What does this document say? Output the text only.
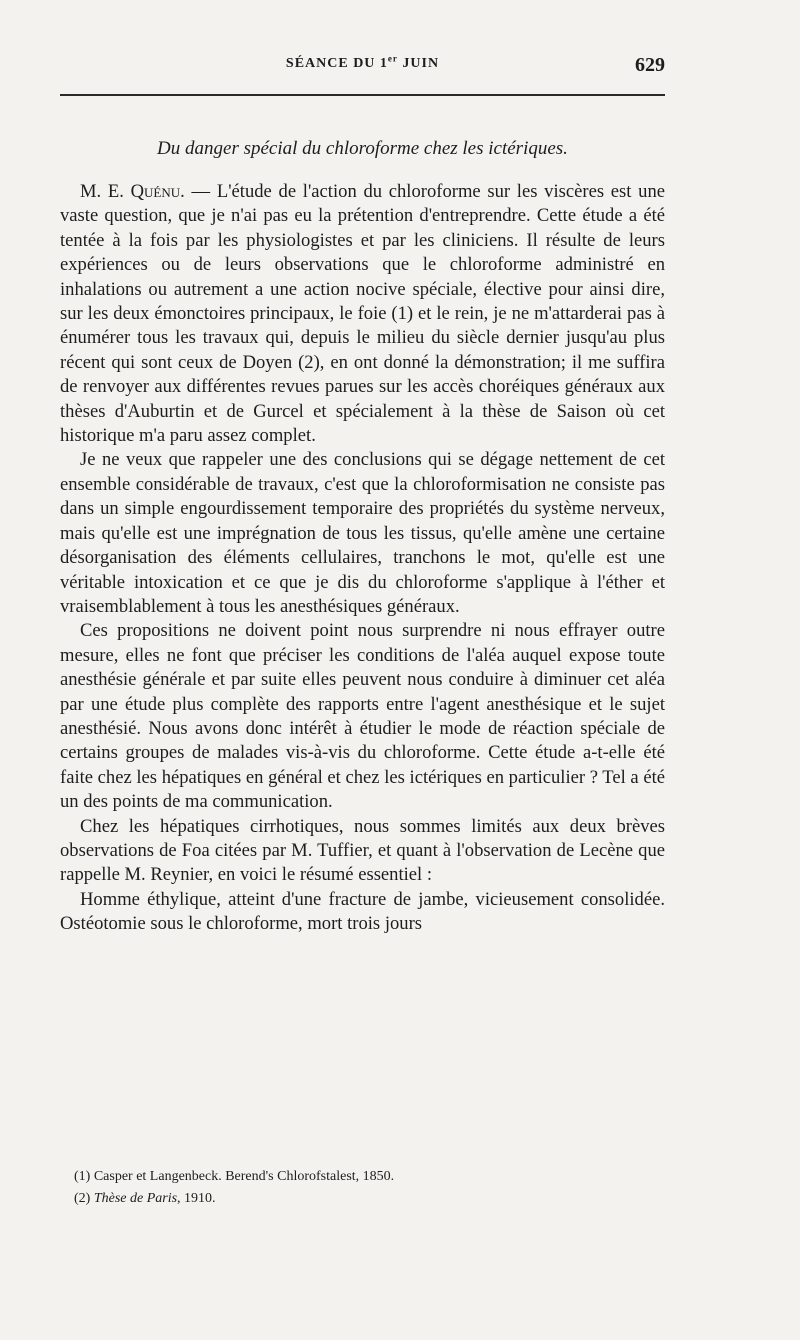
SÉANCE DU 1er JUIN	629
Du danger spécial du chloroforme chez les ictériques.

M. E. Quénu. — L'étude de l'action du chloroforme sur les viscères est une vaste question, que je n'ai pas eu la prétention d'entreprendre. Cette étude a été tentée à la fois par les physiologistes et par les cliniciens. Il résulte de leurs expériences ou de leurs observations que le chloroforme administré en inhalations ou autrement a une action nocive spéciale, élective pour ainsi dire, sur les deux émonctoires principaux, le foie (1) et le rein, je ne m'attarderai pas à énumérer tous les travaux qui, depuis le milieu du siècle dernier jusqu'au plus récent qui sont ceux de Doyen (2), en ont donné la démonstration; il me suffira de renvoyer aux différentes revues parues sur les accès choréiques généraux aux thèses d'Auburtin et de Gurcel et spécialement à la thèse de Saison où cet historique m'a paru assez complet.

Je ne veux que rappeler une des conclusions qui se dégage nettement de cet ensemble considérable de travaux, c'est que la chloroformisation ne consiste pas dans un simple engourdissement temporaire des propriétés du système nerveux, mais qu'elle est une imprégnation de tous les tissus, qu'elle amène une certaine désorganisation des éléments cellulaires, tranchons le mot, qu'elle est une véritable intoxication et ce que je dis du chloroforme s'applique à l'éther et vraisemblablement à tous les anesthésiques généraux.

Ces propositions ne doivent point nous surprendre ni nous effrayer outre mesure, elles ne font que préciser les conditions de l'aléa auquel expose toute anesthésie générale et par suite elles peuvent nous conduire à diminuer cet aléa par une étude plus complète des rapports entre l'agent anesthésique et le sujet anesthésié. Nous avons donc intérêt à étudier le mode de réaction spéciale de certains groupes de malades vis-à-vis du chloroforme. Cette étude a-t-elle été faite chez les hépatiques en général et chez les ictériques en particulier ? Tel a été un des points de ma communication.

Chez les hépatiques cirrhotiques, nous sommes limités aux deux brèves observations de Foa citées par M. Tuffier, et quant à l'observation de Lecène que rappelle M. Reynier, en voici le résumé essentiel :

Homme éthylique, atteint d'une fracture de jambe, vicieusement consolidée. Ostéotomie sous le chloroforme, mort trois jours

(1) Casper et Langenbeck. Berend's Chlorofstalest, 1850.

(2) Thèse de Paris, 1910.
